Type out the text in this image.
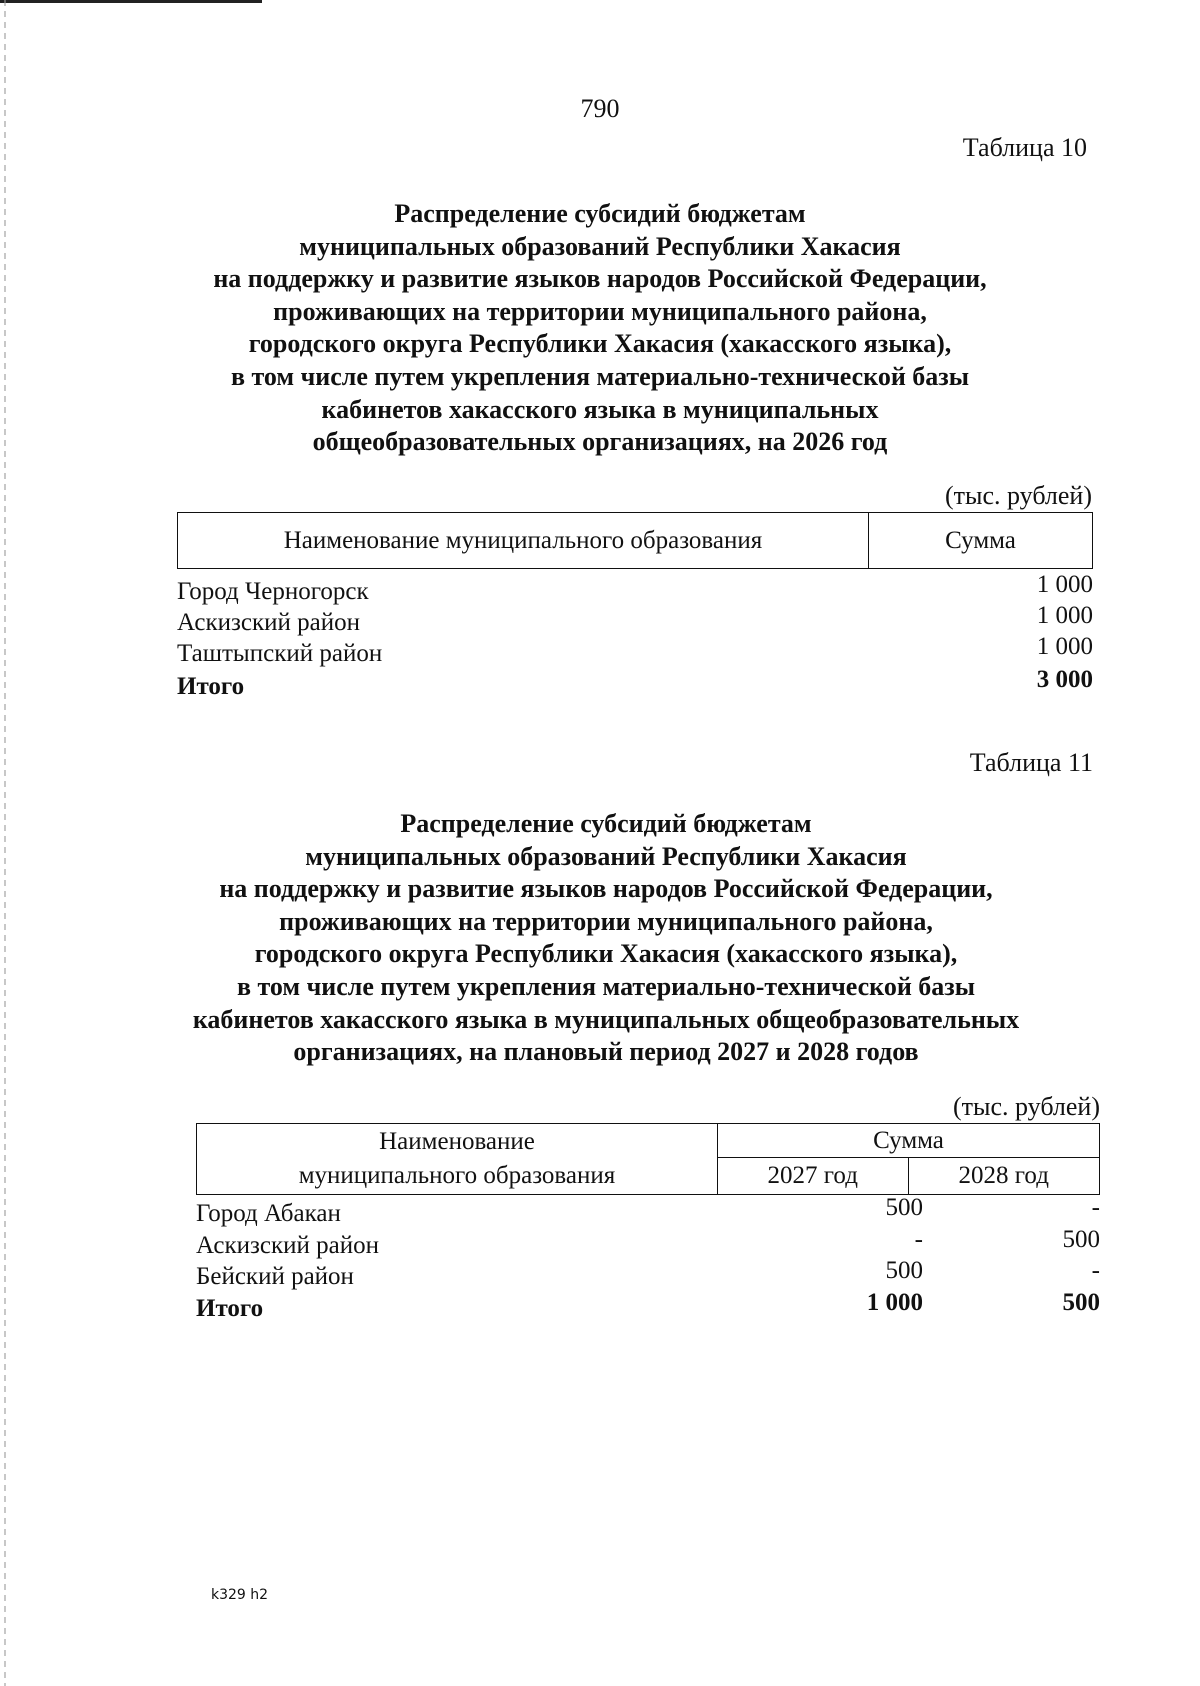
790
Таблица 10
Распределение субсидий бюджетам
муниципальных образований Республики Хакасия
на поддержку и развитие языков народов Российской Федерации,
проживающих на территории муниципального района,
городского округа Республики Хакасия (хакасского языка),
в том числе путем укрепления материально-технической базы
кабинетов хакасского языка в муниципальных
общеобразовательных организациях, на 2026 год
(тыс. рублей)
Наименование муниципального образования	Сумма
Город Черногорск	1 000
Аскизский район	1 000
Таштыпский район	1 000
Итого	3 000
Таблица 11
Распределение субсидий бюджетам
муниципальных образований Республики Хакасия
на поддержку и развитие языков народов Российской Федерации,
проживающих на территории муниципального района,
городского округа Республики Хакасия (хакасского языка),
в том числе путем укрепления материально-технической базы
кабинетов хакасского языка в муниципальных общеобразовательных
организациях, на плановый период 2027 и 2028 годов
(тыс. рублей)
Наименование
муниципального образования
Сумма
2027 год	2028 год
Город Абакан	500	-
Аскизский район	-	500
Бейский район	500	-
Итого	1 000	500
k329 h2
